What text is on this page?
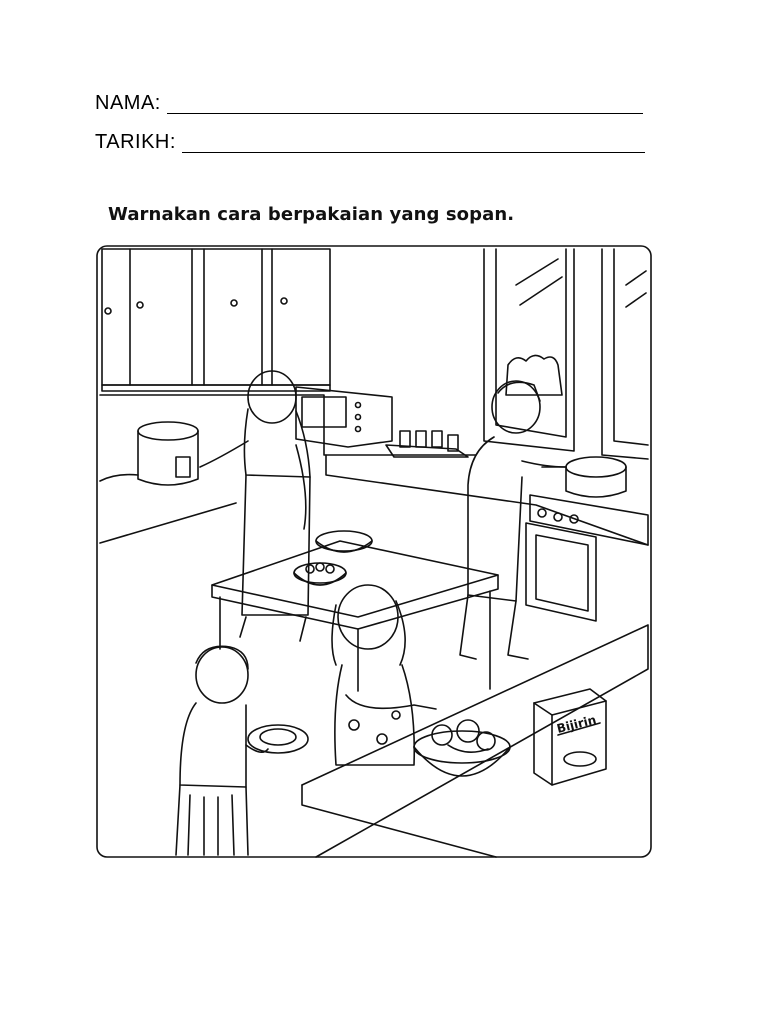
NAMA:
TARIKH:
Warnakan cara berpakaian yang sopan.
Bijirin
